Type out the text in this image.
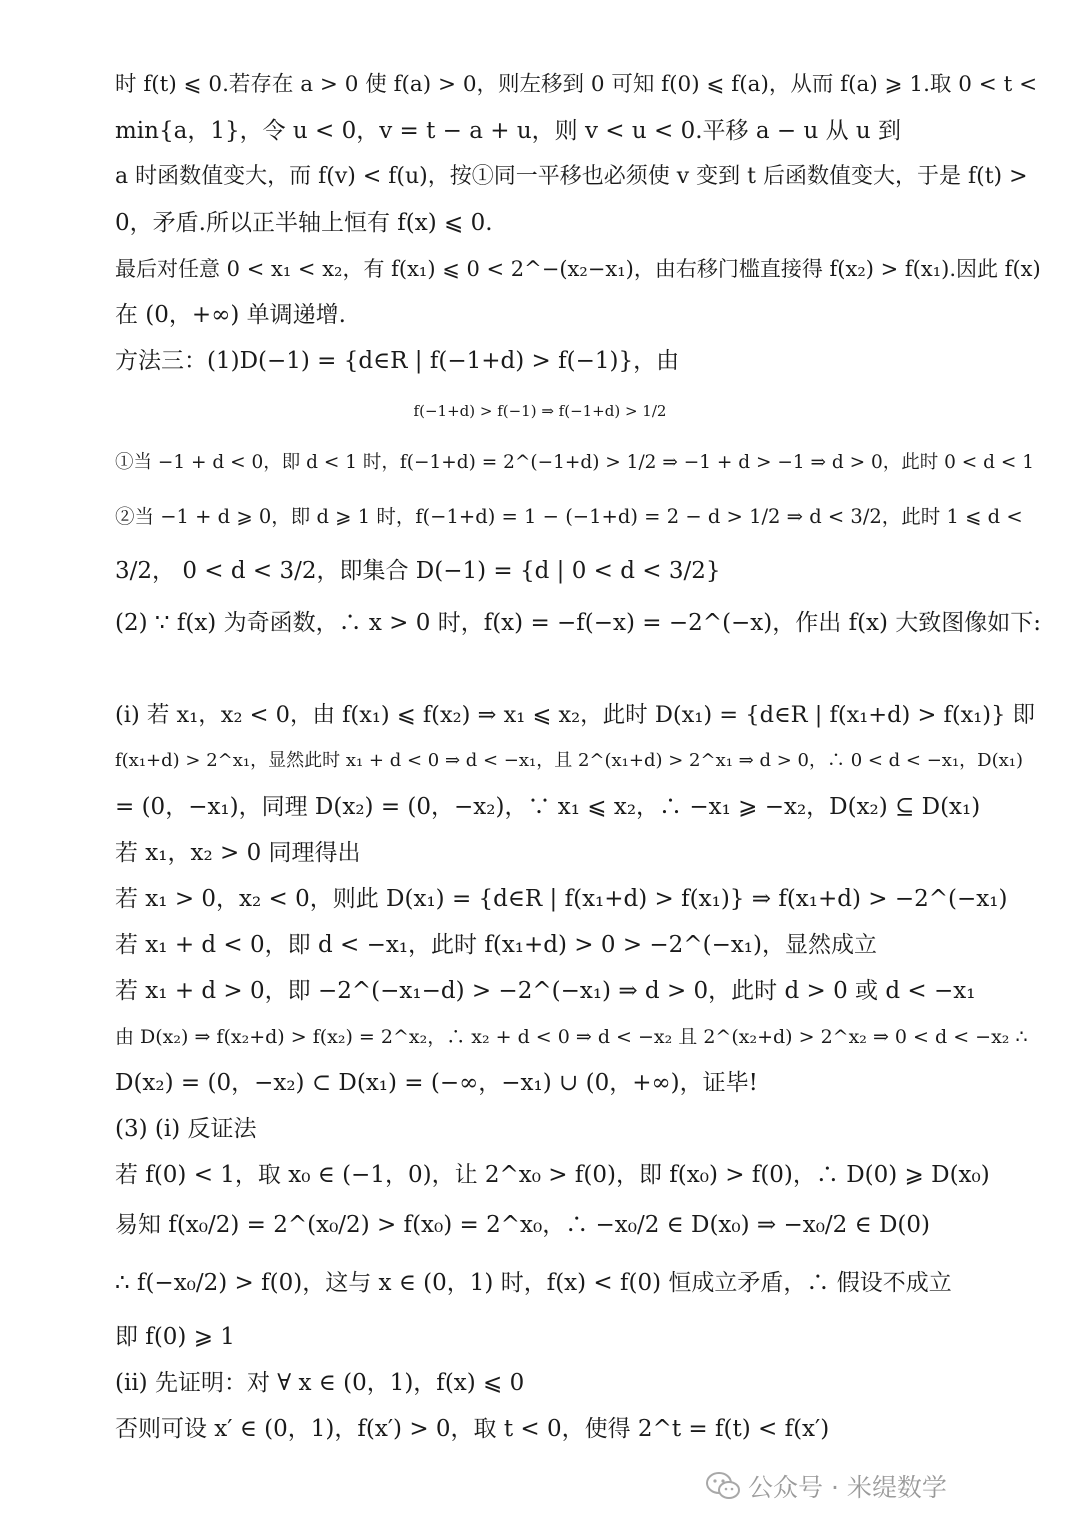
时 f(t) ⩽ 0.若存在 a > 0 使 f(a) > 0，则左移到 0 可知 f(0) ⩽ f(a)，从而 f(a) ⩾ 1.取 0 < t <
min{a，1}，令 u < 0，v = t − a + u，则 v < u < 0.平移 a − u 从 u 到
a 时函数值变大，而 f(v) < f(u)，按①同一平移也必须使 v 变到 t 后函数值变大，于是 f(t) >
0，矛盾.所以正半轴上恒有 f(x) ⩽ 0.
最后对任意 0 < x₁ < x₂，有 f(x₁) ⩽ 0 < 2^−(x₂−x₁)，由右移门槛直接得 f(x₂) > f(x₁).因此 f(x)
在 (0，+∞) 单调递增.
方法三：(1)D(−1) = {d∈R | f(−1+d) > f(−1)}，由
f(−1+d) > f(−1) ⇒ f(−1+d) > 1/2
①当 −1 + d < 0，即 d < 1 时，f(−1+d) = 2^(−1+d) > 1/2 ⇒ −1 + d > −1 ⇒ d > 0，此时 0 < d < 1
②当 −1 + d ⩾ 0，即 d ⩾ 1 时，f(−1+d) = 1 − (−1+d) = 2 − d > 1/2 ⇒ d < 3/2，此时 1 ⩽ d <
3/2， 0 < d < 3/2，即集合 D(−1) = {d | 0 < d < 3/2}
(2) ∵ f(x) 为奇函数，∴ x > 0 时，f(x) = −f(−x) = −2^(−x)，作出 f(x) 大致图像如下:
(i) 若 x₁，x₂ < 0，由 f(x₁) ⩽ f(x₂) ⇒ x₁ ⩽ x₂，此时 D(x₁) = {d∈R | f(x₁+d) > f(x₁)} 即
f(x₁+d) > 2^x₁，显然此时 x₁ + d < 0 ⇒ d < −x₁，且 2^(x₁+d) > 2^x₁ ⇒ d > 0，∴ 0 < d < −x₁，D(x₁)
= (0，−x₁)，同理 D(x₂) = (0，−x₂)，∵ x₁ ⩽ x₂，∴ −x₁ ⩾ −x₂，D(x₂) ⊆ D(x₁)
若 x₁，x₂ > 0 同理得出
若 x₁ > 0，x₂ < 0，则此 D(x₁) = {d∈R | f(x₁+d) > f(x₁)} ⇒ f(x₁+d) > −2^(−x₁)
若 x₁ + d < 0，即 d < −x₁，此时 f(x₁+d) > 0 > −2^(−x₁)，显然成立
若 x₁ + d > 0，即 −2^(−x₁−d) > −2^(−x₁) ⇒ d > 0，此时 d > 0 或 d < −x₁
由 D(x₂) ⇒ f(x₂+d) > f(x₂) = 2^x₂，∴ x₂ + d < 0 ⇒ d < −x₂ 且 2^(x₂+d) > 2^x₂ ⇒ 0 < d < −x₂ ∴
D(x₂) = (0，−x₂) ⊂ D(x₁) = (−∞，−x₁) ∪ (0，+∞)，证毕!
(3) (i) 反证法
若 f(0) < 1，取 x₀ ∈ (−1，0)，让 2^x₀ > f(0)，即 f(x₀) > f(0)，∴ D(0) ⩾ D(x₀)
易知 f(x₀/2) = 2^(x₀/2) > f(x₀) = 2^x₀，∴ −x₀/2 ∈ D(x₀) ⇒ −x₀/2 ∈ D(0)
∴ f(−x₀/2) > f(0)，这与 x ∈ (0，1) 时，f(x) < f(0) 恒成立矛盾，∴ 假设不成立
即 f(0) ⩾ 1
(ii) 先证明：对 ∀ x ∈ (0，1)，f(x) ⩽ 0
否则可设 x′ ∈ (0，1)，f(x′) > 0，取 t < 0，使得 2^t = f(t) < f(x′)
公众号 · 米缇数学
